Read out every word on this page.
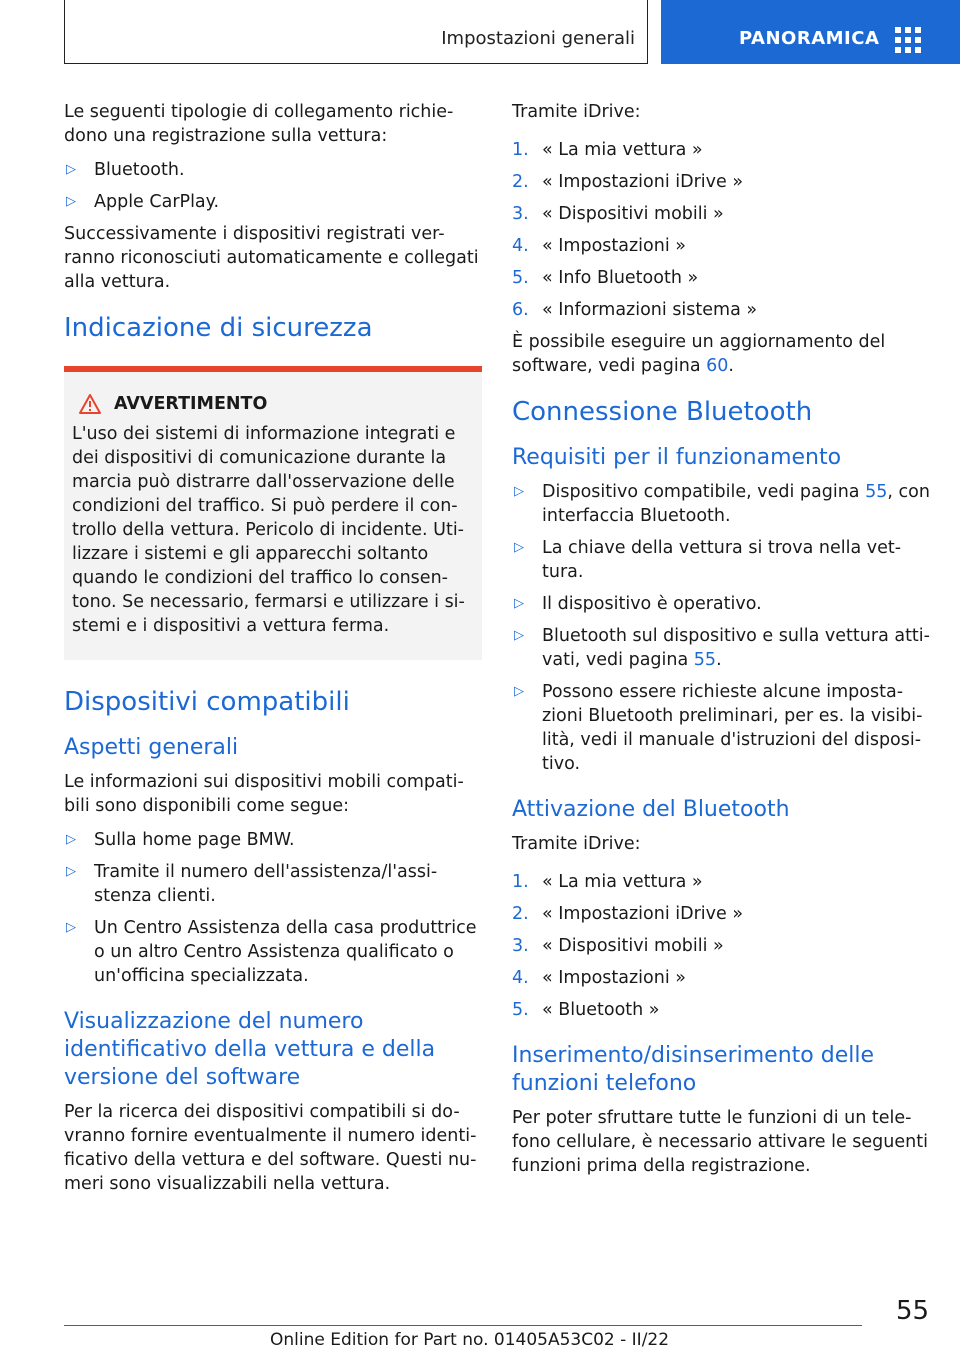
Impostazioni generali	PANORAMICA

Le seguenti tipologie di collegamento richie-dono una registrazione sulla vettura:

▷ Bluetooth.
▷ Apple CarPlay.

Successivamente i dispositivi registrati ver-ranno riconosciuti automaticamente e collegati alla vettura.

Indicazione di sicurezza
AVVERTIMENTO

L'uso dei sistemi di informazione integrati e dei dispositivi di comunicazione durante la marcia può distrarre dall'osservazione delle condizioni del traffico. Si può perdere il con-trollo della vettura. Pericolo di incidente. Uti-lizzare i sistemi e gli apparecchi soltanto quando le condizioni del traffico lo consen-tono. Se necessario, fermarsi e utilizzare i si-stemi e i dispositivi a vettura ferma.

Dispositivi compatibili
Aspetti generali

Le informazioni sui dispositivi mobili compati-bili sono disponibili come segue:

▷ Sulla home page BMW.
▷ Tramite il numero dell'assistenza/l'assi-stenza clienti.
▷ Un Centro Assistenza della casa produttrice o un altro Centro Assistenza qualificato o un'officina specializzata.
Visualizzazione del numero identificativo della vettura e della versione del software

Per la ricerca dei dispositivi compatibili si do-vranno fornire eventualmente il numero identi-ficativo della vettura e del software. Questi nu-meri sono visualizzabili nella vettura.

Tramite iDrive:

1. « La mia vettura »
2. « Impostazioni iDrive »
3. « Dispositivi mobili »
4. « Impostazioni »
5. « Info Bluetooth »
6. « Informazioni sistema »

È possibile eseguire un aggiornamento del software, vedi pagina 60.

Connessione Bluetooth
Requisiti per il funzionamento
▷ Dispositivo compatibile, vedi pagina 55, con interfaccia Bluetooth.
▷ La chiave della vettura si trova nella vet-tura.
▷ Il dispositivo è operativo.
▷ Bluetooth sul dispositivo e sulla vettura atti-vati, vedi pagina 55.
▷ Possono essere richieste alcune imposta-zioni Bluetooth preliminari, per es. la visibi-lità, vedi il manuale d'istruzioni del disposi-tivo.
Attivazione del Bluetooth

Tramite iDrive:

1. « La mia vettura »
2. « Impostazioni iDrive »
3. « Dispositivi mobili »
4. « Impostazioni »
5. « Bluetooth »
Inserimento/disinserimento delle funzioni telefono

Per poter sfruttare tutte le funzioni di un tele-fono cellulare, è necessario attivare le seguenti funzioni prima della registrazione.

55
Online Edition for Part no. 01405A53C02 - II/22
